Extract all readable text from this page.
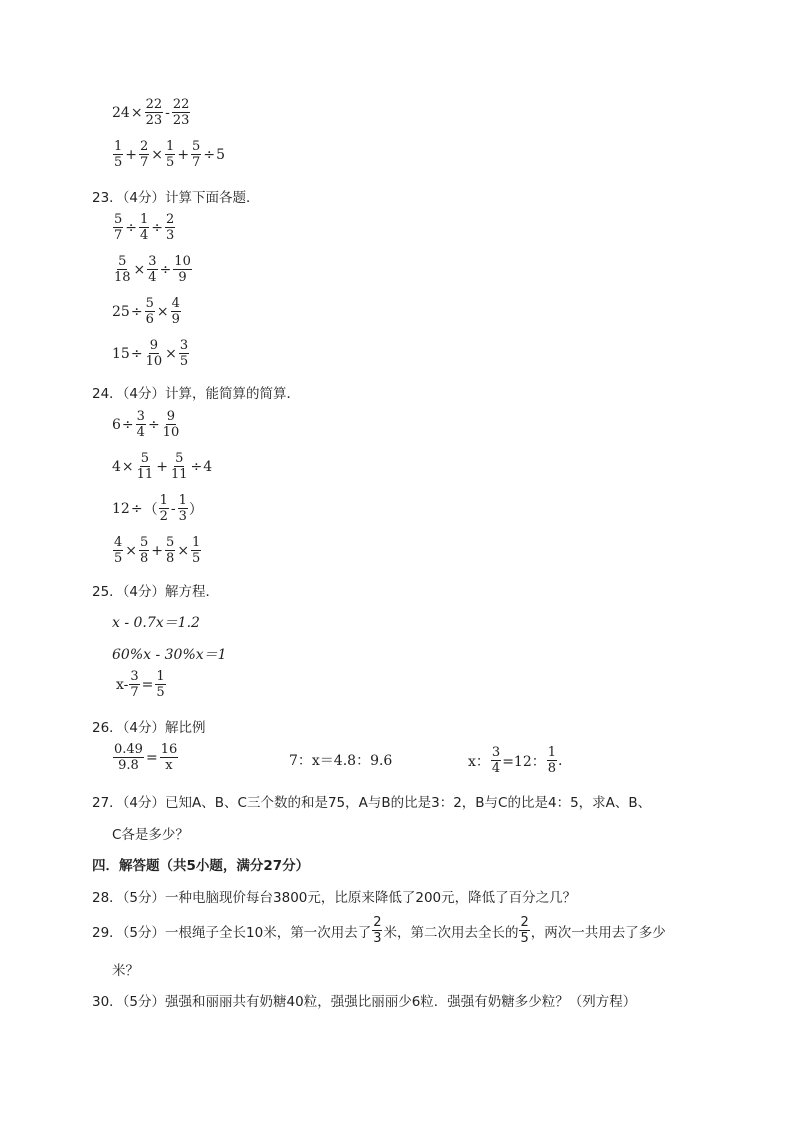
$24 \times \frac{22}{23} - \frac{22}{23}$
$\frac{1}{5} + \frac{2}{7} \times \frac{1}{5} + \frac{5}{7} \div 5$
23．（4分）计算下面各题．
$\frac{5}{7} \div \frac{1}{4} \div \frac{2}{3}$
$\frac{5}{18} \times \frac{3}{4} \div \frac{10}{9}$
$25 \div \frac{5}{6} \times \frac{4}{9}$
$15 \div \frac{9}{10} \times \frac{3}{5}$
24．（4分）计算，能简算的简算．
$6 \div \frac{3}{4} \div \frac{9}{10}$
$4 \times \frac{5}{11} + \frac{5}{11} \div 4$
12 ÷ （ $\frac{1}{2} - \frac{1}{3}$ ）
$\frac{4}{5} \times \frac{5}{8} + \frac{5}{8} \times \frac{1}{5}$
25．（4分）解方程．
x - 0.7x＝1.2
60%x - 30%x＝1
$x- \frac{3}{7} = \frac{1}{5}$
26．（4分）解比例
$\frac{0.49}{9.8} = \frac{16}{x}$	7：x＝4.8：9.6	x： $\frac{3}{4} =12$： $\frac{1}{8}$ .
27．（4分）已知A、B、C三个数的和是75，A与B的比是3：2，B与C的比是4：5，求A、B、
C各是多少？
四．解答题（共5小题，满分27分）
28．（5分）一种电脑现价每台3800元，比原来降低了200元，降低了百分之几？
29．（5分）一根绳子全长10米，第一次用去了 $\frac{2}{3}$ 米，第二次用去全长的 $\frac{2}{5}$ ，两次一共用去了多少
米？
30．（5分）强强和丽丽共有奶糖40粒，强强比丽丽少6粒．强强有奶糖多少粒？（列方程）
